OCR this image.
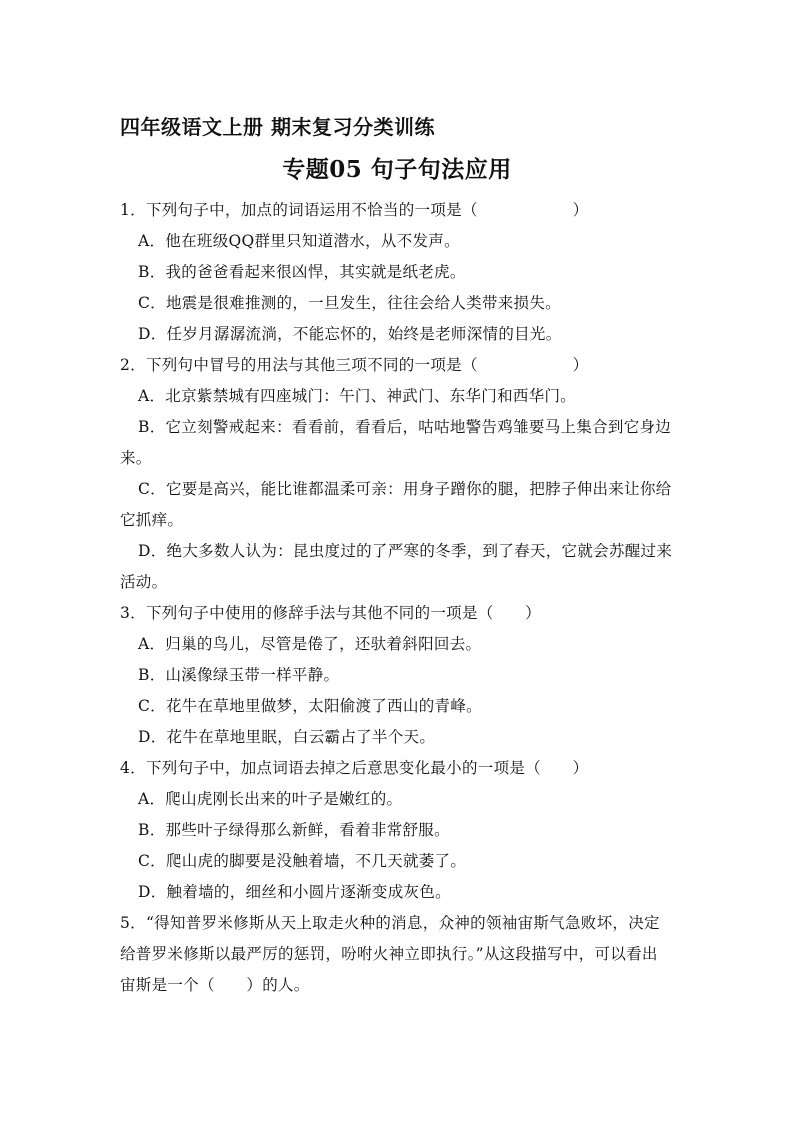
四年级语文上册 期末复习分类训练
专题05 句子句法应用
1．下列句子中，加点的词语运用不恰当的一项是（　　　　　　）
A．他在班级QQ群里只知道潜水，从不发声。
B．我的爸爸看起来很凶悍，其实就是纸老虎。
C．地震是很难推测的，一旦发生，往往会给人类带来损失。
D．任岁月潺潺流淌，不能忘怀的，始终是老师深情的目光。
2．下列句中冒号的用法与其他三项不同的一项是（　　　　　　）
A．北京紫禁城有四座城门：午门、神武门、东华门和西华门。
B．它立刻警戒起来：看看前，看看后，咕咕地警告鸡雏要马上集合到它身边
来。
C．它要是高兴，能比谁都温柔可亲：用身子蹭你的腿，把脖子伸出来让你给
它抓痒。
D．绝大多数人认为：昆虫度过的了严寒的冬季，到了春天，它就会苏醒过来
活动。
3．下列句子中使用的修辞手法与其他不同的一项是（　　）
A．归巢的鸟儿，尽管是倦了，还驮着斜阳回去。
B．山溪像绿玉带一样平静。
C．花牛在草地里做梦，太阳偷渡了西山的青峰。
D．花牛在草地里眠，白云霸占了半个天。
4．下列句子中，加点词语去掉之后意思变化最小的一项是（　　）
A．爬山虎刚长出来的叶子是嫩红的。
B．那些叶子绿得那么新鲜，看着非常舒服。
C．爬山虎的脚要是没触着墙，不几天就萎了。
D．触着墙的，细丝和小圆片逐渐变成灰色。
5．“得知普罗米修斯从天上取走火种的消息，众神的领袖宙斯气急败坏，决定
给普罗米修斯以最严厉的惩罚，吩咐火神立即执行。”从这段描写中，可以看出
宙斯是一个（　　）的人。
